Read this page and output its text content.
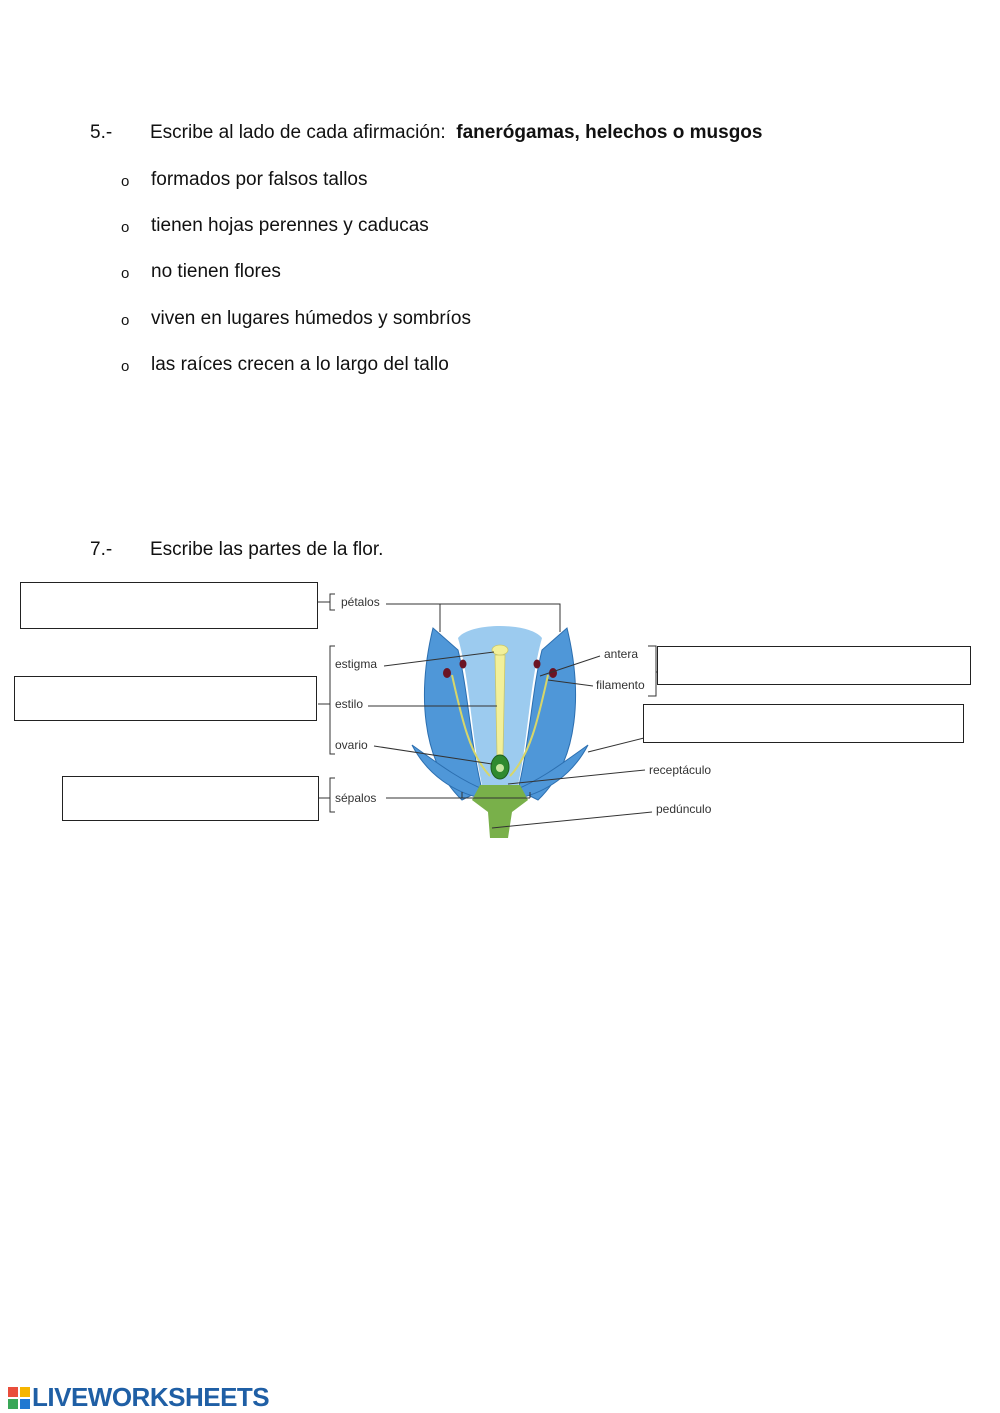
5.- Escribe al lado de cada afirmación: fanerógamas, helechos o musgos
o formados por falsos tallos
o tienen hojas perennes y caducas
o no tienen flores
o viven en lugares húmedos y sombríos
o las raíces crecen a lo largo del tallo
7.- Escribe las partes de la flor.
pétalos
estigma
estilo
ovario
sépalos
antera
filamento
receptáculo
pedúnculo
LIVEWORKSHEETS
